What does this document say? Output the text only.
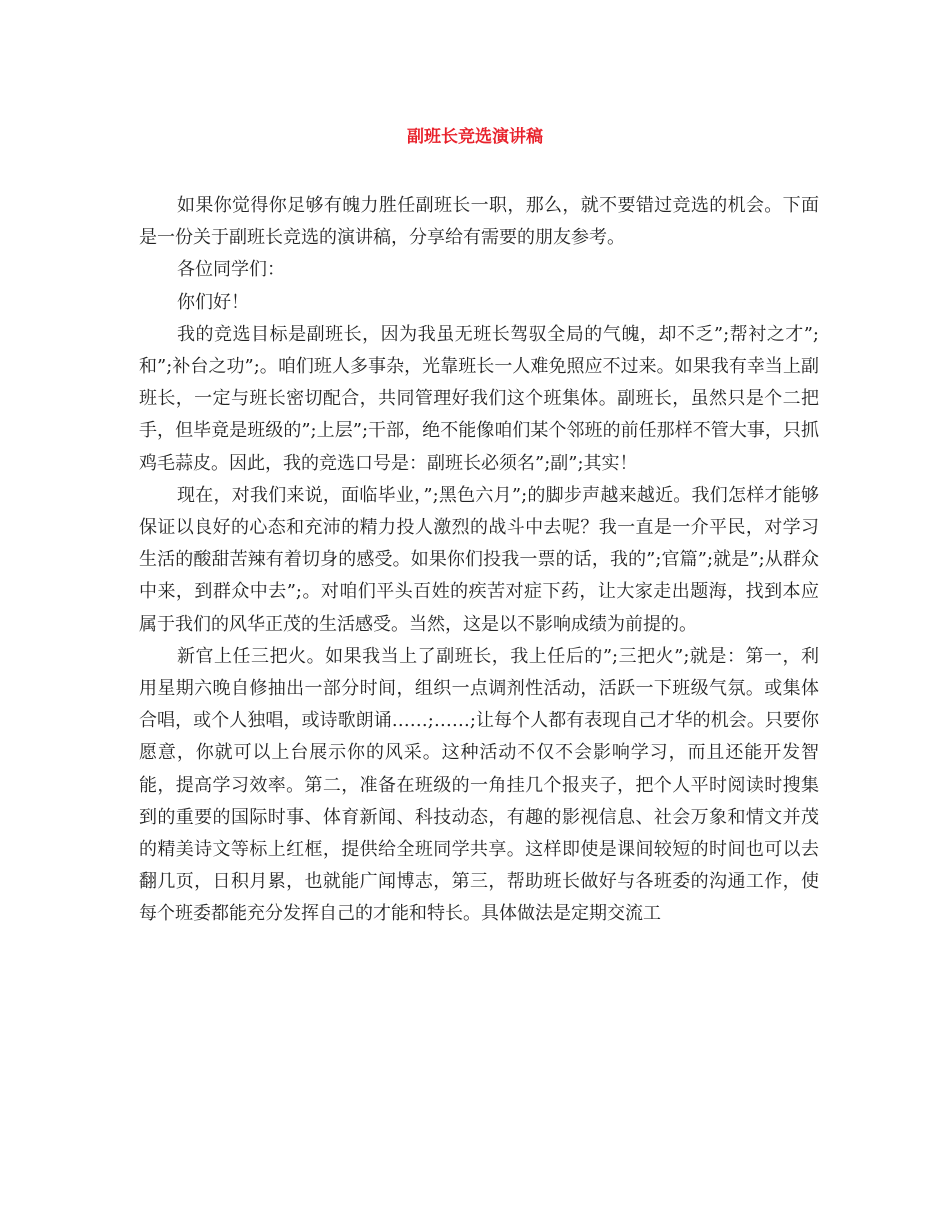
副班长竞选演讲稿

如果你觉得你足够有魄力胜任副班长一职，那么，就不要错过竞选的机会。下面是一份关于副班长竞选的演讲稿，分享给有需要的朋友参考。

各位同学们：

你们好！

我的竞选目标是副班长，因为我虽无班长驾驭全局的气魄，却不乏”;帮衬之才”;和”;补台之功”;。咱们班人多事杂，光靠班长一人难免照应不过来。如果我有幸当上副班长，一定与班长密切配合，共同管理好我们这个班集体。副班长，虽然只是个二把手，但毕竟是班级的”;上层”;干部，绝不能像咱们某个邻班的前任那样不管大事，只抓鸡毛蒜皮。因此，我的竞选口号是：副班长必须名”;副”;其实！

现在，对我们来说，面临毕业，”;黑色六月”;的脚步声越来越近。我们怎样才能够保证以良好的心态和充沛的精力投人激烈的战斗中去呢？我一直是一介平民，对学习生活的酸甜苦辣有着切身的感受。如果你们投我一票的话，我的”;官篇”;就是”;从群众中来，到群众中去”;。对咱们平头百姓的疾苦对症下药，让大家走出题海，找到本应属于我们的风华正茂的生活感受。当然，这是以不影响成绩为前提的。

新官上任三把火。如果我当上了副班长，我上任后的”;三把火”;就是：第一，利用星期六晚自修抽出一部分时间，组织一点调剂性活动，活跃一下班级气氛。或集体合唱，或个人独唱，或诗歌朗诵……;……;让每个人都有表现自己才华的机会。只要你愿意，你就可以上台展示你的风采。这种活动不仅不会影响学习，而且还能开发智能，提高学习效率。第二，准备在班级的一角挂几个报夹子，把个人平时阅读时搜集到的重要的国际时事、体育新闻、科技动态，有趣的影视信息、社会万象和情文并茂的精美诗文等标上红框，提供给全班同学共享。这样即使是课间较短的时间也可以去翻几页，日积月累，也就能广闻博志，第三，帮助班长做好与各班委的沟通工作，使每个班委都能充分发挥自己的才能和特长。具体做法是定期交流工
